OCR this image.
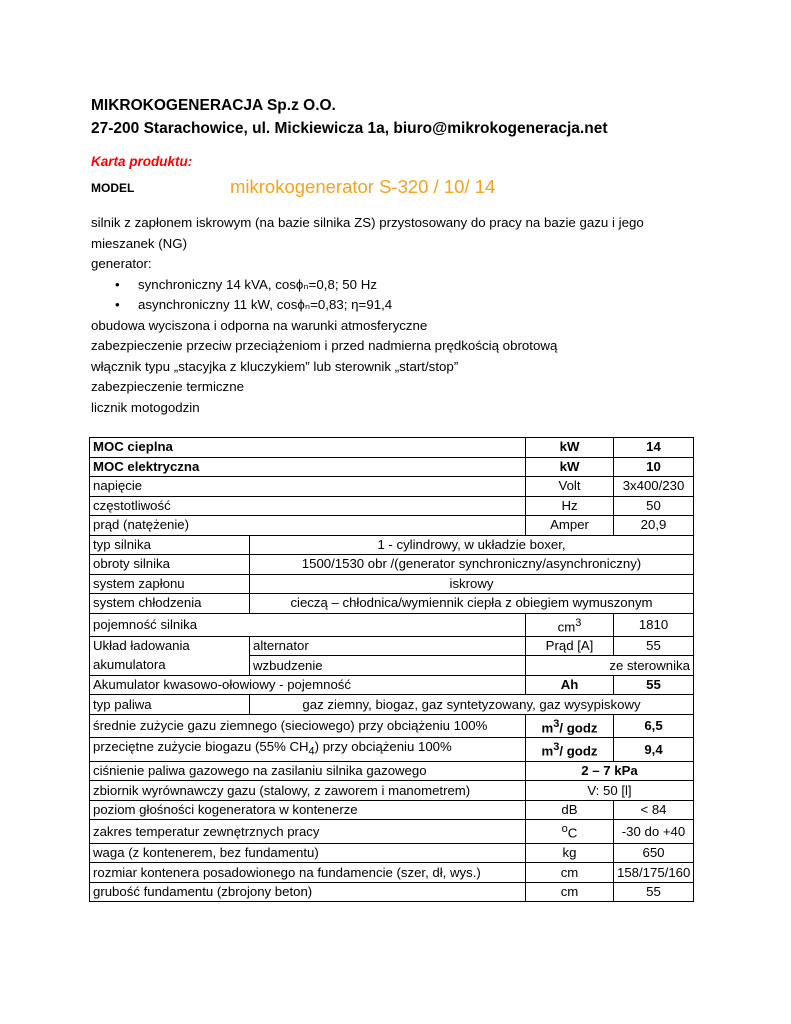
MIKROKOGENERACJA Sp.z O.O.
27-200 Starachowice, ul. Mickiewicza 1a, biuro@mikrokogeneracja.net
Karta produktu:
MODEL	mikrokogenerator S-320 / 10/ 14

silnik z zapłonem iskrowym (na bazie silnika ZS) przystosowany do pracy na bazie gazu i jego mieszanek (NG)

generator:

• synchroniczny 14 kVA, cosϕₙ=0,8; 50 Hz
• asynchroniczny 11 kW, cosϕₙ=0,83; η=91,4

obudowa wyciszona i odporna na warunki atmosferyczne

zabezpieczenie przeciw przeciążeniom i przed nadmierna prędkością obrotową

włącznik typu „stacyjka z kluczykiem” lub sterownik „start/stop”

zabezpieczenie termiczne

licznik motogodzin

MOC cieplna		kW	14
MOC elektryczna		kW	10
napięcie		Volt	3x400/230
częstotliwość		Hz	50
prąd (natężenie)		Amper	20,9
typ silnika	1 - cylindrowy, w układzie boxer,		
obroty silnika	1500/1530 obr /(generator synchroniczny/asynchroniczny)		
system zapłonu	iskrowy		
system chłodzenia	cieczą – chłodnica/wymiennik ciepła z obiegiem wymuszonym		
pojemność silnika		$cm^3$	1810

Układ ładowania
akumulatora	alternator	Prąd [A]	55
	wzbudzenie	ze sterownika	
Akumulator kwasowo-ołowiowy - pojemność		Ah	55
typ paliwa	gaz ziemny, biogaz, gaz syntetyzowany, gaz wysypiskowy		
średnie zużycie gazu ziemnego (sieciowego) przy obciążeniu 100%		$m^3/$ godz	6,5
przeciętne zużycie biogazu (55% $CH_4$) przy obciążeniu 100%		$m^3/$ godz	9,4
ciśnienie paliwa gazowego na zasilaniu silnika gazowego		2 – 7 kPa	
zbiornik wyrównawczy gazu (stalowy, z zaworem i manometrem)		V: 50 [l]	
poziom głośności kogeneratora w kontenerze		dB	< 84
zakres temperatur zewnętrznych pracy		$^o$C	-30 do +40
waga (z kontenerem, bez fundamentu)		kg	650
rozmiar kontenera posadowionego na fundamencie (szer, dł, wys.)		cm	158/175/160
grubość fundamentu (zbrojony beton)		cm	55
